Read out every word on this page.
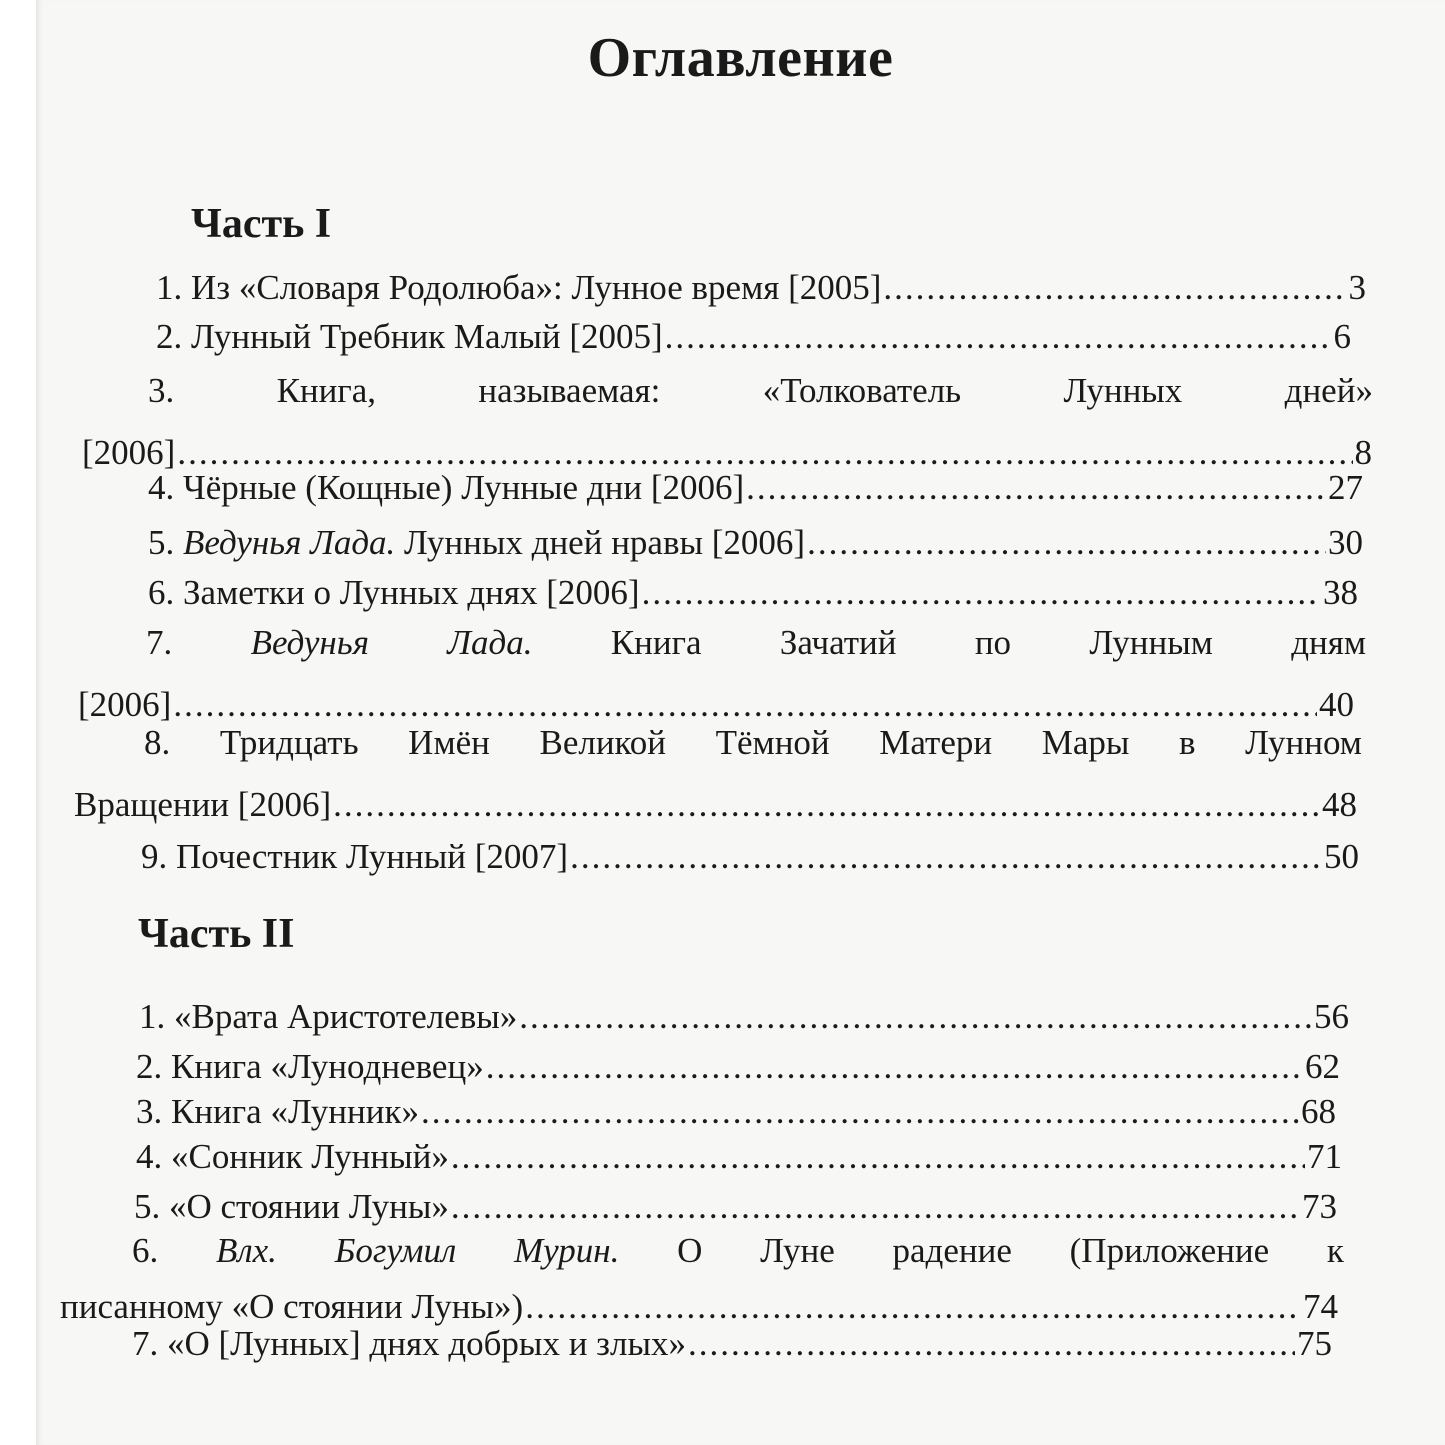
Оглавление
Часть I
1. Из «Словаря Родолюба»: Лунное время [2005] .....	3
2. Лунный Требник Малый [2005] .....	6
3.	Книга,	называемая:	«Толкователь	Лунных	дней»
[2006] .....	8
4. Чёрные (Кощные) Лунные дни [2006] .....	27
5. Ведунья Лада. Лунных дней нравы [2006] .....	30
6. Заметки о Лунных днях [2006] .....	38
7. Ведунья Лада. Книга Зачатий по Лунным дням
[2006] .....	40
8. Тридцать Имён Великой Тёмной Матери Мары в Лунном
Вращении [2006] .....	48
9. Почестник Лунный [2007] .....	50
Часть II
1. «Врата Аристотелевы» .....	56
2. Книга «Лунодневец» .....	62
3. Книга «Лунник» .....	68
4. «Сонник Лунный» .....	71
5. «О стоянии Луны» .....	73
6. Влх. Богумил Мурин. О Луне радение (Приложение к
писанному «О стоянии Луны») .....	74
7. «О [Лунных] днях добрых и злых» .....	75
